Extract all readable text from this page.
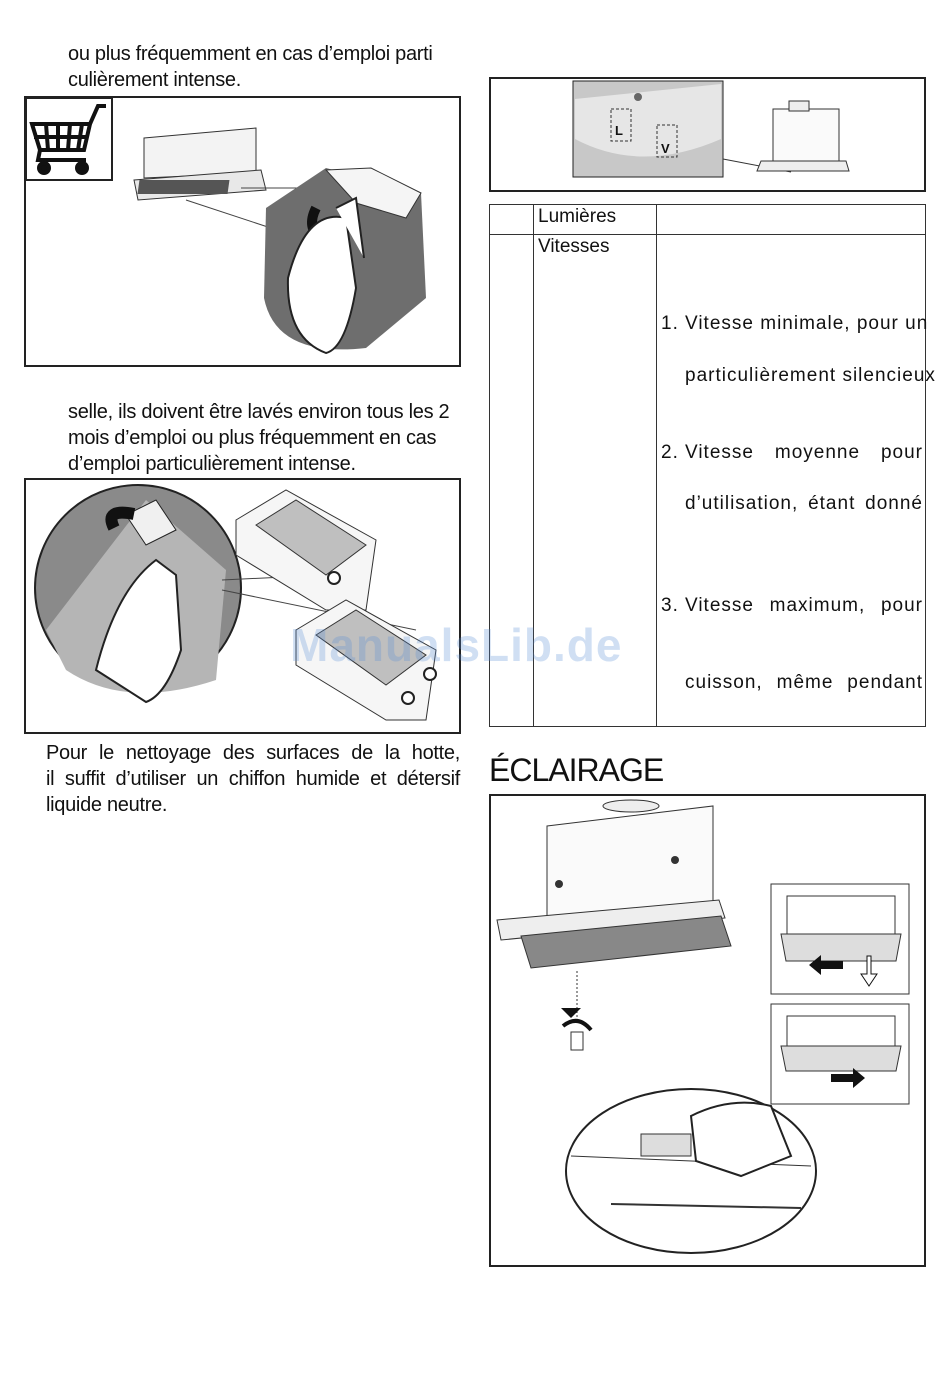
ou plus fréquemment en cas d’emploi parti
culièrement intense.
selle, ils doivent être lavés environ tous les 2
mois d’emploi ou plus fréquemment en cas
d’emploi particulièrement intense.
Pour le nettoyage des surfaces de la hotte,
il suffit d’utiliser un chiffon humide et détersif
liquide neutre.
L
V
Lumières
Vitesses
1. Vitesse minimale, pour un
particulièrement silencieux
2. Vitesse moyenne pour
d’utilisation, étant donné
3. Vitesse maximum, pour
cuisson, même pendant
ÉCLAIRAGE
ManualsLib.de
